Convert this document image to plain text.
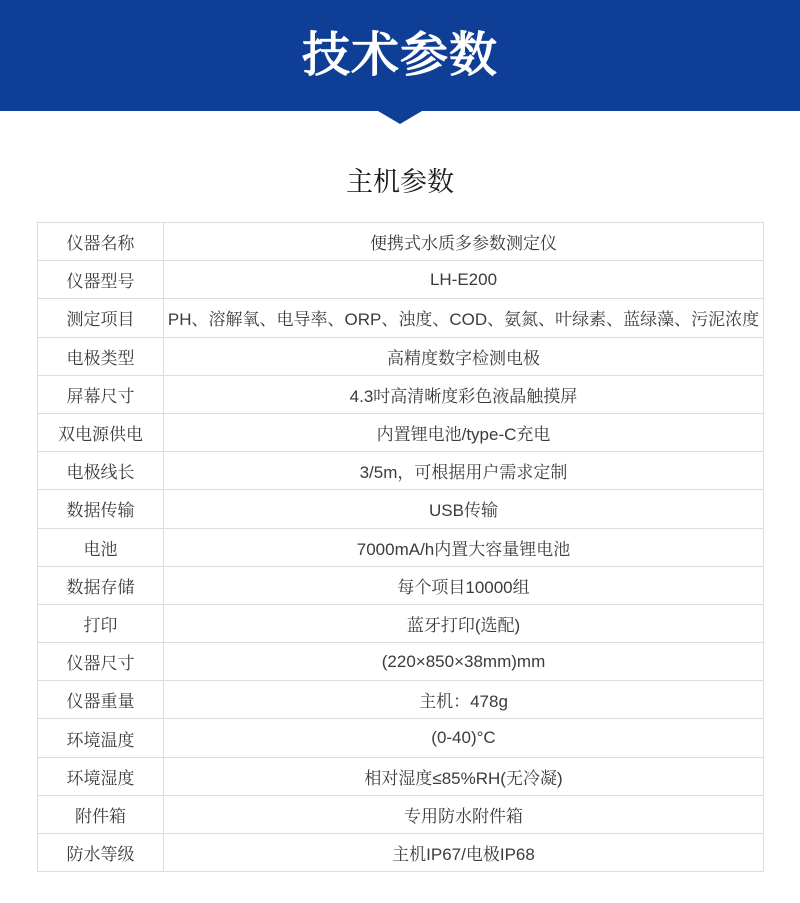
技术参数
主机参数
仪器名称	便携式水质多参数测定仪
仪器型号	LH-E200
测定项目	PH、溶解氧、电导率、ORP、浊度、COD、氨氮、叶绿素、蓝绿藻、污泥浓度
电极类型	高精度数字检测电极
屏幕尺寸	4.3吋高清晰度彩色液晶触摸屏
双电源供电	内置锂电池/type-C充电
电极线长	3/5m，可根据用户需求定制
数据传输	USB传输
电池	7000mA/h内置大容量锂电池
数据存储	每个项目10000组
打印	蓝牙打印(选配)
仪器尺寸	(220×850×38mm)mm
仪器重量	主机：478g
环境温度	(0-40)°C
环境湿度	相对湿度≤85%RH(无冷凝)
附件箱	专用防水附件箱
防水等级	主机IP67/电极IP68
